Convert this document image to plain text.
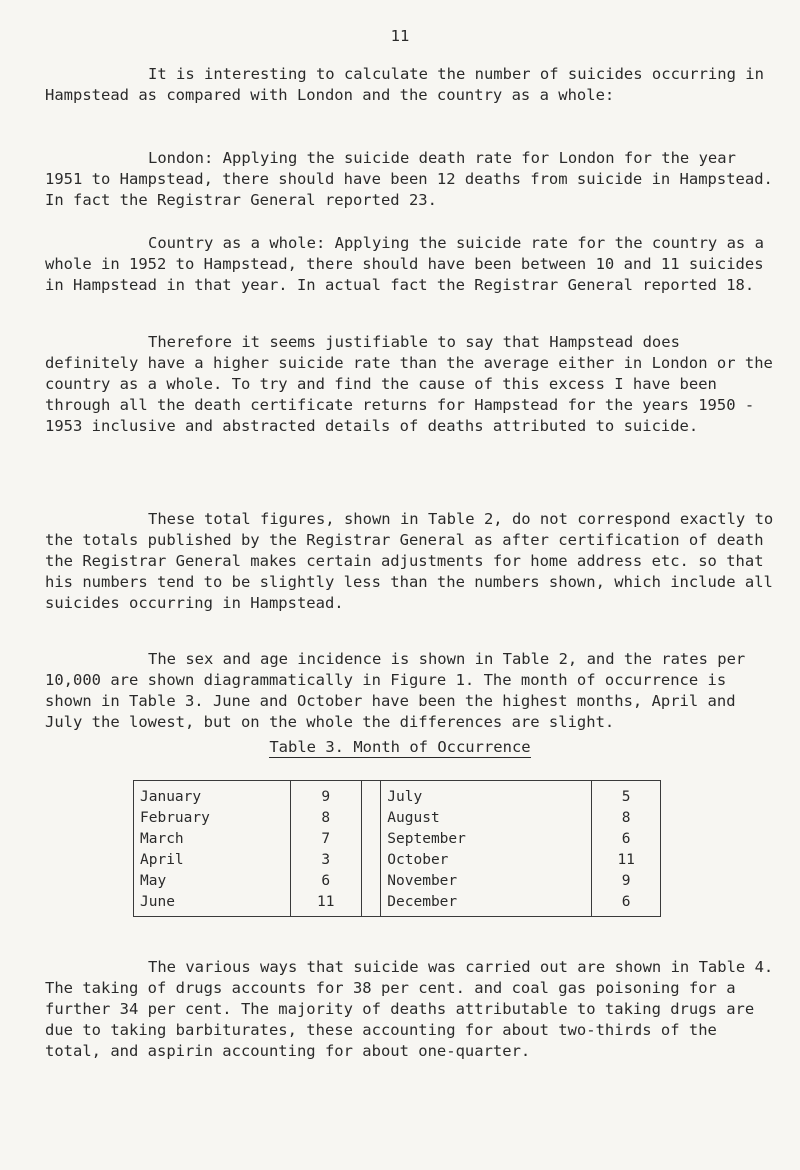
11

It is interesting to calculate the number of suicides occurring in Hampstead as compared with London and the country as a whole:

London: Applying the suicide death rate for London for the year 1951 to Hampstead, there should have been 12 deaths from suicide in Hampstead. In fact the Registrar General reported 23.

Country as a whole: Applying the suicide rate for the country as a whole in 1952 to Hampstead, there should have been between 10 and 11 suicides in Hampstead in that year. In actual fact the Registrar General reported 18.

Therefore it seems justifiable to say that Hampstead does definitely have a higher suicide rate than the average either in London or the country as a whole. To try and find the cause of this excess I have been through all the death certificate returns for Hampstead for the years 1950 - 1953 inclusive and abstracted details of deaths attributed to suicide.

These total figures, shown in Table 2, do not correspond exactly to the totals published by the Registrar General as after certification of death the Registrar General makes certain adjustments for home address etc. so that his numbers tend to be slightly less than the numbers shown, which include all suicides occurring in Hampstead.

The sex and age incidence is shown in Table 2, and the rates per 10,000 are shown diagrammatically in Figure 1. The month of occurrence is shown in Table 3. June and October have been the highest months, April and July the lowest, but on the whole the differences are slight.

Table 3. Month of Occurrence
January	9		July	5
February	8		August	8
March	7		September	6
April	3		October	11
May	6		November	9
June	11		December	6

The various ways that suicide was carried out are shown in Table 4. The taking of drugs accounts for 38 per cent. and coal gas poisoning for a further 34 per cent. The majority of deaths attributable to taking drugs are due to taking barbiturates, these accounting for about two-thirds of the total, and aspirin accounting for about one-quarter.
